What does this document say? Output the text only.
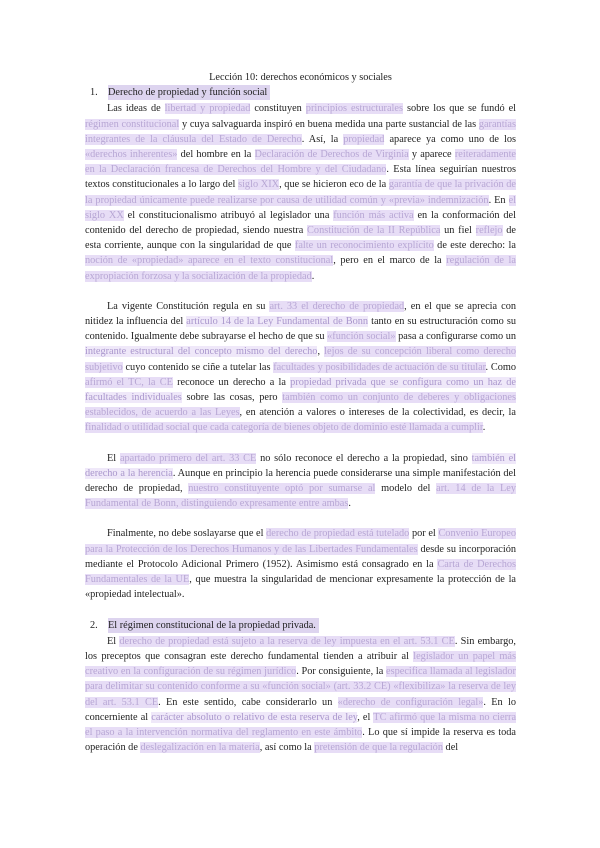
Lección 10: derechos económicos y sociales

1. Derecho de propiedad y función social

Las ideas de libertad y propiedad constituyen principios estructurales sobre los que se fundó el régimen constitucional y cuya salvaguarda inspiró en buena medida una parte sustancial de las garantías integrantes de la cláusula del Estado de Derecho. Así, la propiedad aparece ya como uno de los «derechos inherentes» del hombre en la Declaración de Derechos de Virginia y aparece reiteradamente en la Declaración francesa de Derechos del Hombre y del Ciudadano. Esta línea seguirían nuestros textos constitucionales a lo largo del siglo XIX, que se hicieron eco de la garantía de que la privación de la propiedad únicamente puede realizarse por causa de utilidad común y «previa» indemnización. En el siglo XX el constitucionalismo atribuyó al legislador una función más activa en la conformación del contenido del derecho de propiedad, siendo nuestra Constitución de la II República un fiel reflejo de esta corriente, aunque con la singularidad de que falte un reconocimiento explícito de este derecho: la noción de «propiedad» aparece en el texto constitucional, pero en el marco de la regulación de la expropiación forzosa y la socialización de la propiedad.

La vigente Constitución regula en su art. 33 el derecho de propiedad, en el que se aprecia con nitidez la influencia del artículo 14 de la Ley Fundamental de Bonn tanto en su estructuración como su contenido. Igualmente debe subrayarse el hecho de que su «función social» pasa a configurarse como un integrante estructural del concepto mismo del derecho, lejos de su concepción liberal como derecho subjetivo cuyo contenido se ciñe a tutelar las facultades y posibilidades de actuación de su titular. Como afirmó el TC, la CE reconoce un derecho a la propiedad privada que se configura como un haz de facultades individuales sobre las cosas, pero también como un conjunto de deberes y obligaciones establecidos, de acuerdo a las Leyes, en atención a valores o intereses de la colectividad, es decir, la finalidad o utilidad social que cada categoría de bienes objeto de dominio esté llamada a cumplir.

El apartado primero del art. 33 CE no sólo reconoce el derecho a la propiedad, sino también el derecho a la herencia. Aunque en principio la herencia puede considerarse una simple manifestación del derecho de propiedad, nuestro constituyente optó por sumarse al modelo del art. 14 de la Ley Fundamental de Bonn, distinguiendo expresamente entre ambas.

Finalmente, no debe soslayarse que el derecho de propiedad está tutelado por el Convenio Europeo para la Protección de los Derechos Humanos y de las Libertades Fundamentales desde su incorporación mediante el Protocolo Adicional Primero (1952). Asimismo está consagrado en la Carta de Derechos Fundamentales de la UE, que muestra la singularidad de mencionar expresamente la protección de la «propiedad intelectual».

2. El régimen constitucional de la propiedad privada.

El derecho de propiedad está sujeto a la reserva de ley impuesta en el art. 53.1 CE. Sin embargo, los preceptos que consagran este derecho fundamental tienden a atribuir al legislador un papel más creativo en la configuración de su régimen jurídico. Por consiguiente, la especifica llamada al legislador para delimitar su contenido conforme a su «función social» (art. 33.2 CE) «flexibiliza» la reserva de ley del art. 53.1 CE. En este sentido, cabe considerarlo un «derecho de configuración legal». En lo concerniente al carácter absoluto o relativo de esta reserva de ley, el TC afirmó que la misma no cierra el paso a la intervención normativa del reglamento en este ámbito. Lo que sí impide la reserva es toda operación de deslegalización en la materia, así como la pretensión de que la regulación del
